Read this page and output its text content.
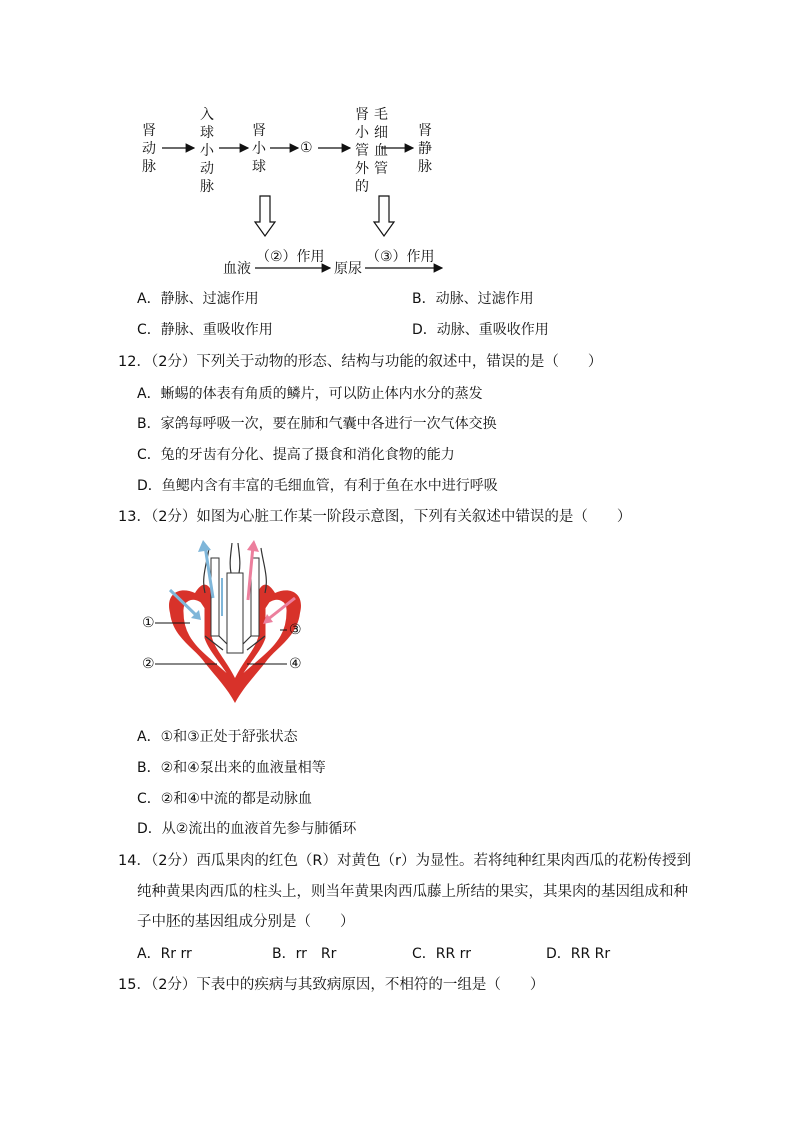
肾动脉
入球小动脉
肾小球
①
肾小管外的
毛细血管
肾静脉
血液
（②）作用
原尿
（③）作用
A．静脉、过滤作用	B．动脉、过滤作用
C．静脉、重吸收作用	D．动脉、重吸收作用
12．（2分）下列关于动物的形态、结构与功能的叙述中，错误的是（　　）
A．蜥蜴的体表有角质的鳞片，可以防止体内水分的蒸发
B．家鸽每呼吸一次，要在肺和气囊中各进行一次气体交换
C．兔的牙齿有分化、提高了摄食和消化食物的能力
D．鱼鳃内含有丰富的毛细血管，有利于鱼在水中进行呼吸
13．（2分）如图为心脏工作某一阶段示意图，下列有关叙述中错误的是（　　）
①
②
③
④
A．①和③正处于舒张状态
B．②和④泵出来的血液量相等
C．②和④中流的都是动脉血
D．从②流出的血液首先参与肺循环
14．（2分）西瓜果肉的红色（R）对黄色（r）为显性。若将纯种红果肉西瓜的花粉传授到
纯种黄果肉西瓜的柱头上，则当年黄果肉西瓜藤上所结的果实，其果肉的基因组成和种
子中胚的基因组成分别是（　　）
A．Rr rr	B．rr　Rr	C．RR rr	D．RR Rr
15．（2分）下表中的疾病与其致病原因，不相符的一组是（　　）
